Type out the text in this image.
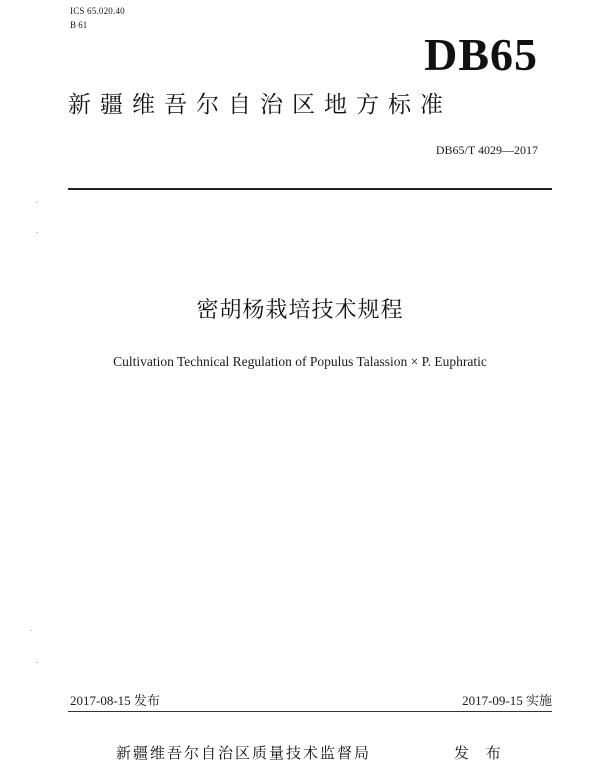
ICS 65.020.40
B 61
DB65
新疆维吾尔自治区地方标准
DB65/T 4029—2017
密胡杨栽培技术规程
Cultivation Technical Regulation of Populus Talassion × P. Euphratic
2017-08-15 发布	2017-09-15 实施
新疆维吾尔自治区质量技术监督局	发 布
